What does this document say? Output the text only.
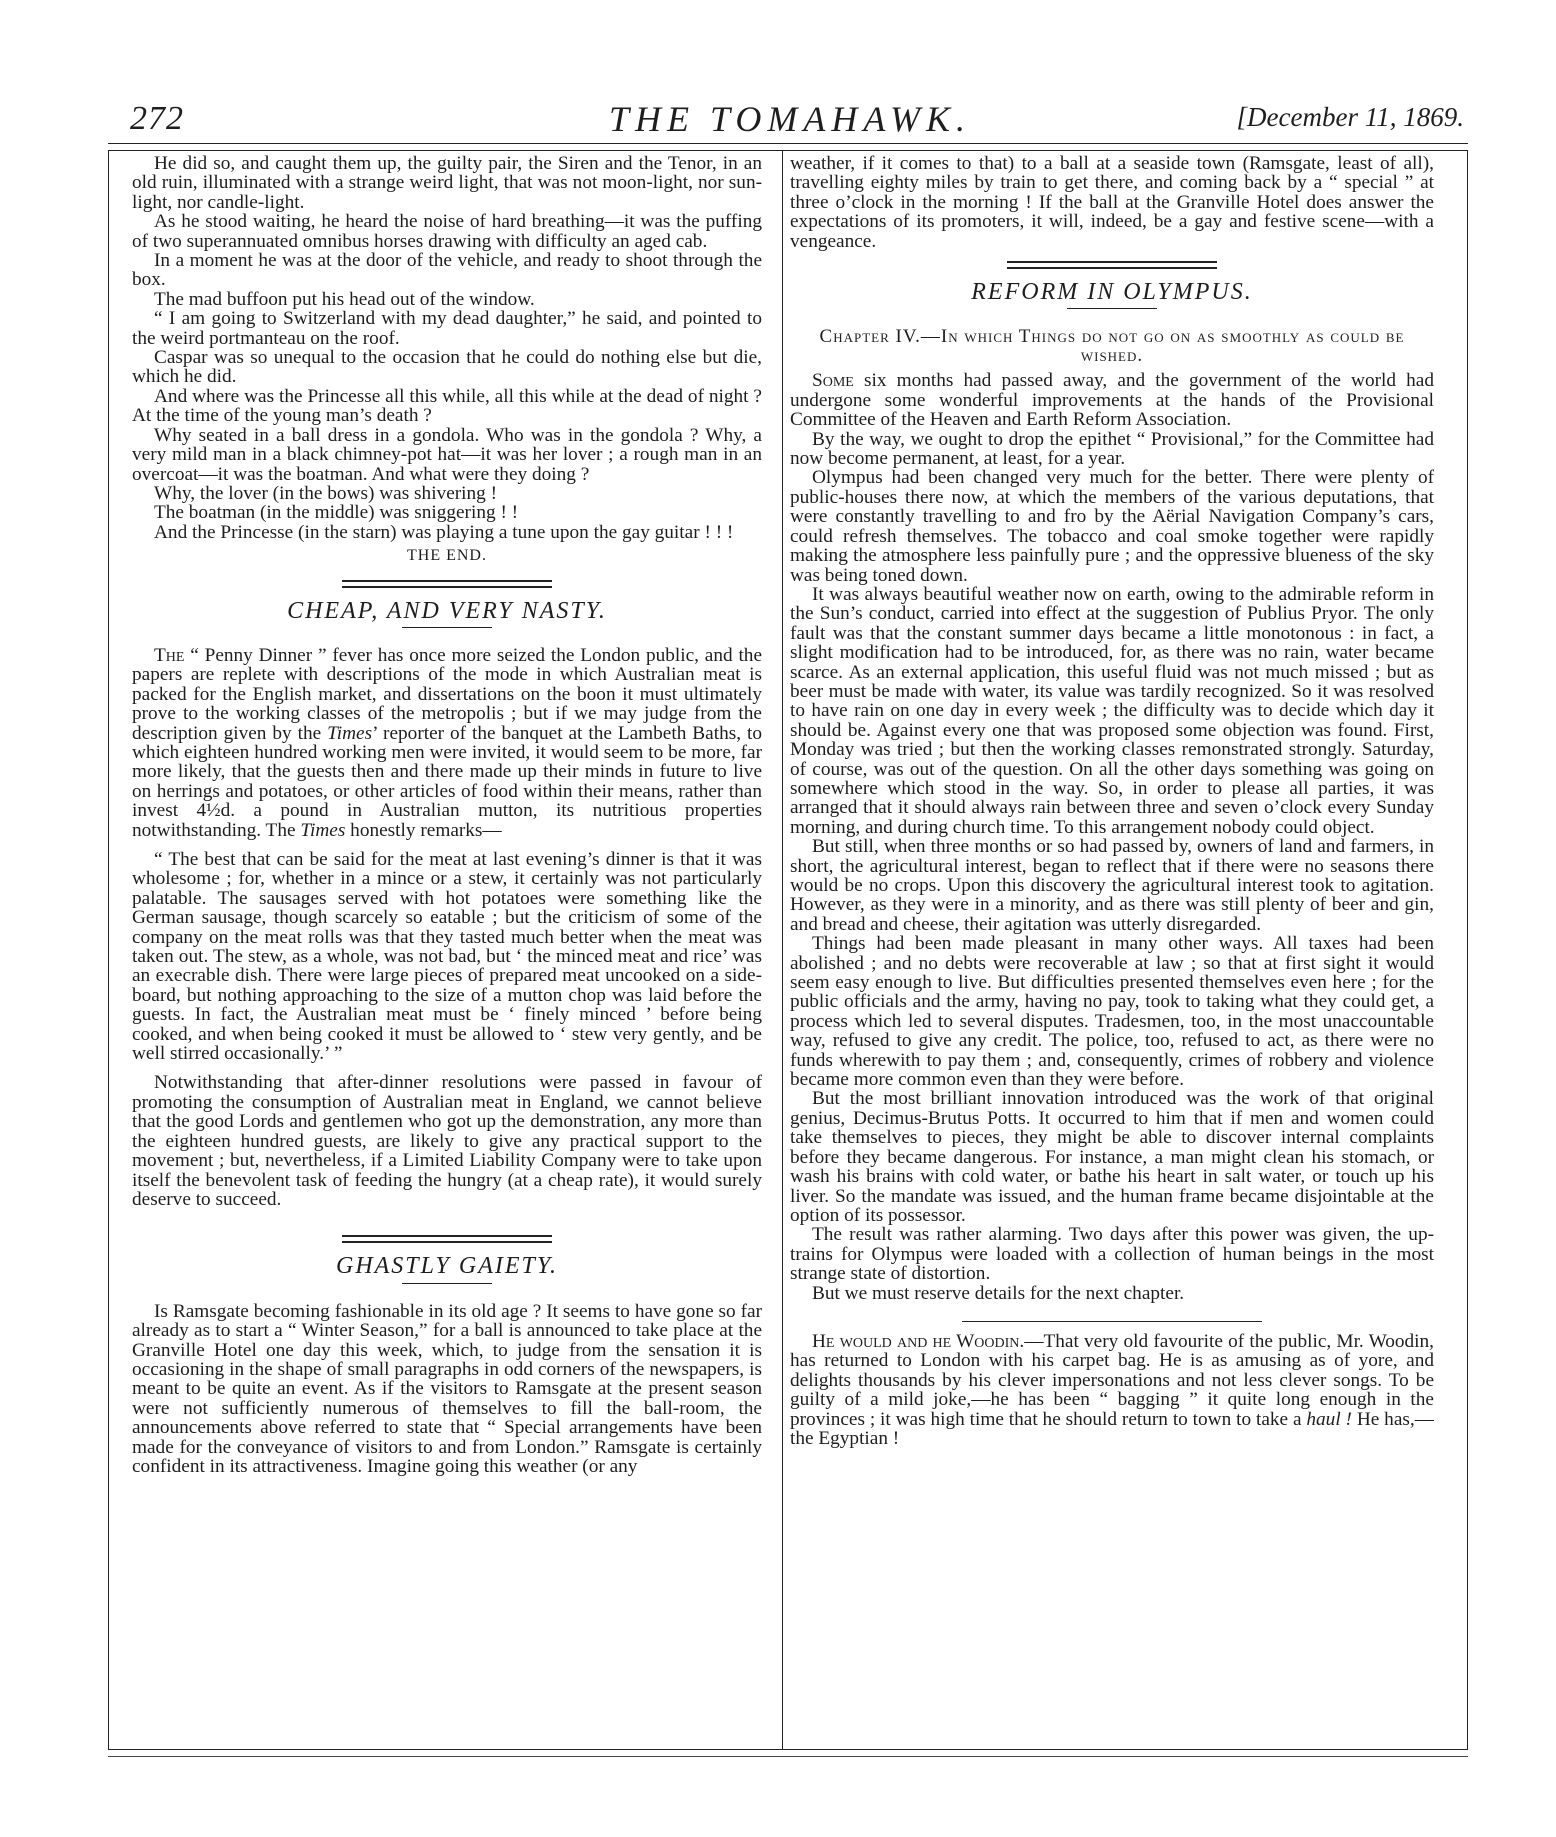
272	THE TOMAHAWK.	[December 11, 1869.

He did so, and caught them up, the guilty pair, the Siren and the Tenor, in an old ruin, illuminated with a strange weird light, that was not moon-light, nor sun-light, nor candle-light.

As he stood waiting, he heard the noise of hard breathing—it was the puffing of two superannuated omnibus horses drawing with difficulty an aged cab.

In a moment he was at the door of the vehicle, and ready to shoot through the box.

The mad buffoon put his head out of the window.

“ I am going to Switzerland with my dead daughter,” he said, and pointed to the weird portmanteau on the roof.

Caspar was so unequal to the occasion that he could do nothing else but die, which he did.

And where was the Princesse all this while, all this while at the dead of night ? At the time of the young man’s death ?

Why seated in a ball dress in a gondola. Who was in the gondola ? Why, a very mild man in a black chimney-pot hat—it was her lover ; a rough man in an overcoat—it was the boatman. And what were they doing ?

Why, the lover (in the bows) was shivering !

The boatman (in the middle) was sniggering ! !

And the Princesse (in the starn) was playing a tune upon the gay guitar ! ! !

THE END.
CHEAP, AND VERY NASTY.

The “ Penny Dinner ” fever has once more seized the London public, and the papers are replete with descriptions of the mode in which Australian meat is packed for the English market, and dissertations on the boon it must ultimately prove to the working classes of the metropolis ; but if we may judge from the description given by the Times’ reporter of the banquet at the Lambeth Baths, to which eighteen hundred working men were invited, it would seem to be more, far more likely, that the guests then and there made up their minds in future to live on herrings and potatoes, or other articles of food within their means, rather than invest 4½d. a pound in Australian mutton, its nutritious properties notwithstanding. The Times honestly remarks—

“ The best that can be said for the meat at last evening’s dinner is that it was wholesome ; for, whether in a mince or a stew, it certainly was not particularly palatable. The sausages served with hot potatoes were something like the German sausage, though scarcely so eatable ; but the criticism of some of the company on the meat rolls was that they tasted much better when the meat was taken out. The stew, as a whole, was not bad, but ‘ the minced meat and rice’ was an execrable dish. There were large pieces of prepared meat uncooked on a side-board, but nothing approaching to the size of a mutton chop was laid before the guests. In fact, the Australian meat must be ‘ finely minced ’ before being cooked, and when being cooked it must be allowed to ‘ stew very gently, and be well stirred occasionally.’ ”

Notwithstanding that after-dinner resolutions were passed in favour of promoting the consumption of Australian meat in England, we cannot believe that the good Lords and gentlemen who got up the demonstration, any more than the eighteen hundred guests, are likely to give any practical support to the movement ; but, nevertheless, if a Limited Liability Company were to take upon itself the benevolent task of feeding the hungry (at a cheap rate), it would surely deserve to succeed.

GHASTLY GAIETY.

Is Ramsgate becoming fashionable in its old age ? It seems to have gone so far already as to start a “ Winter Season,” for a ball is announced to take place at the Granville Hotel one day this week, which, to judge from the sensation it is occasioning in the shape of small paragraphs in odd corners of the newspapers, is meant to be quite an event. As if the visitors to Ramsgate at the present season were not sufficiently numerous of themselves to fill the ball-room, the announcements above referred to state that “ Special arrangements have been made for the conveyance of visitors to and from London.” Ramsgate is certainly confident in its attractiveness. Imagine going this weather (or any

weather, if it comes to that) to a ball at a seaside town (Ramsgate, least of all), travelling eighty miles by train to get there, and coming back by a “ special ” at three o’clock in the morning ! If the ball at the Granville Hotel does answer the expectations of its promoters, it will, indeed, be a gay and festive scene—with a vengeance.

REFORM IN OLYMPUS.
Chapter IV.—In which Things do not go on as smoothly as could be wished.

Some six months had passed away, and the government of the world had undergone some wonderful improvements at the hands of the Provisional Committee of the Heaven and Earth Reform Association.

By the way, we ought to drop the epithet “ Provisional,” for the Committee had now become permanent, at least, for a year.

Olympus had been changed very much for the better. There were plenty of public-houses there now, at which the members of the various deputations, that were constantly travelling to and fro by the Aërial Navigation Company’s cars, could refresh themselves. The tobacco and coal smoke together were rapidly making the atmosphere less painfully pure ; and the oppressive blueness of the sky was being toned down.

It was always beautiful weather now on earth, owing to the admirable reform in the Sun’s conduct, carried into effect at the suggestion of Publius Pryor. The only fault was that the constant summer days became a little monotonous : in fact, a slight modification had to be introduced, for, as there was no rain, water became scarce. As an external application, this useful fluid was not much missed ; but as beer must be made with water, its value was tardily recognized. So it was resolved to have rain on one day in every week ; the difficulty was to decide which day it should be. Against every one that was proposed some objection was found. First, Monday was tried ; but then the working classes remonstrated strongly. Saturday, of course, was out of the question. On all the other days something was going on somewhere which stood in the way. So, in order to please all parties, it was arranged that it should always rain between three and seven o’clock every Sunday morning, and during church time. To this arrangement nobody could object.

But still, when three months or so had passed by, owners of land and farmers, in short, the agricultural interest, began to reflect that if there were no seasons there would be no crops. Upon this discovery the agricultural interest took to agitation. However, as they were in a minority, and as there was still plenty of beer and gin, and bread and cheese, their agitation was utterly disregarded.

Things had been made pleasant in many other ways. All taxes had been abolished ; and no debts were recoverable at law ; so that at first sight it would seem easy enough to live. But difficulties presented themselves even here ; for the public officials and the army, having no pay, took to taking what they could get, a process which led to several disputes. Tradesmen, too, in the most unaccountable way, refused to give any credit. The police, too, refused to act, as there were no funds wherewith to pay them ; and, consequently, crimes of robbery and violence became more common even than they were before.

But the most brilliant innovation introduced was the work of that original genius, Decimus-Brutus Potts. It occurred to him that if men and women could take themselves to pieces, they might be able to discover internal complaints before they became dangerous. For instance, a man might clean his stomach, or wash his brains with cold water, or bathe his heart in salt water, or touch up his liver. So the mandate was issued, and the human frame became disjointable at the option of its possessor.

The result was rather alarming. Two days after this power was given, the up-trains for Olympus were loaded with a collection of human beings in the most strange state of distortion.

But we must reserve details for the next chapter.

He would and he Woodin.—That very old favourite of the public, Mr. Woodin, has returned to London with his carpet bag. He is as amusing as of yore, and delights thousands by his clever impersonations and not less clever songs. To be guilty of a mild joke,—he has been “ bagging ” it quite long enough in the provinces ; it was high time that he should return to town to take a haul ! He has,—the Egyptian !
